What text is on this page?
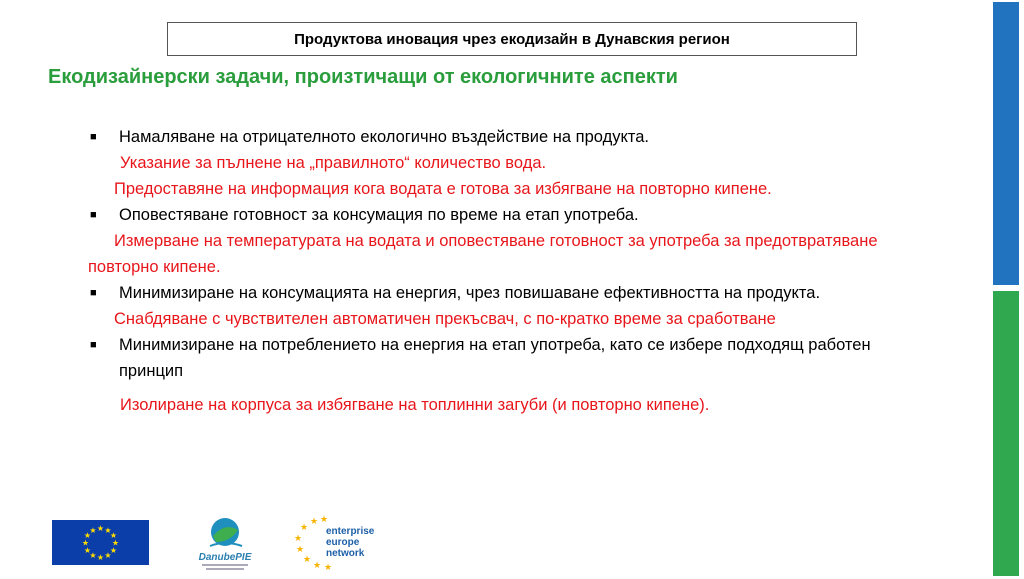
Продуктова иновация чрез екодизайн в Дунавския регион
Екодизайнерски задачи, произтичащи от екологичните аспекти
■ Намаляване на отрицателното екологично въздействие на продукта.
Указание за пълнене на „правилното“ количество вода.
Предоставяне на информация кога водата е готова за избягване на повторно кипене.
■ Оповестяване готовност за консумация по време на етап употреба.
Измерване на температурата на водата и оповестяване готовност за употреба за предотвратяване повторно кипене.
■ Минимизиране на консумацията на енергия, чрез повишаване ефективността на продукта.
Снабдяване с чувствителен автоматичен прекъсвач, с по-кратко време за сработване
■ Минимизиране на потреблението на енергия на етап употреба, като се избере подходящ работен принцип
Изолиране на корпуса за избягване на топлинни загуби (и повторно кипене).
★ ★
★
★
★
★
★
★
★
★
★
★
DanubePIE
★
★
★
★
★
★ ★
★
enterprise
europe
network
